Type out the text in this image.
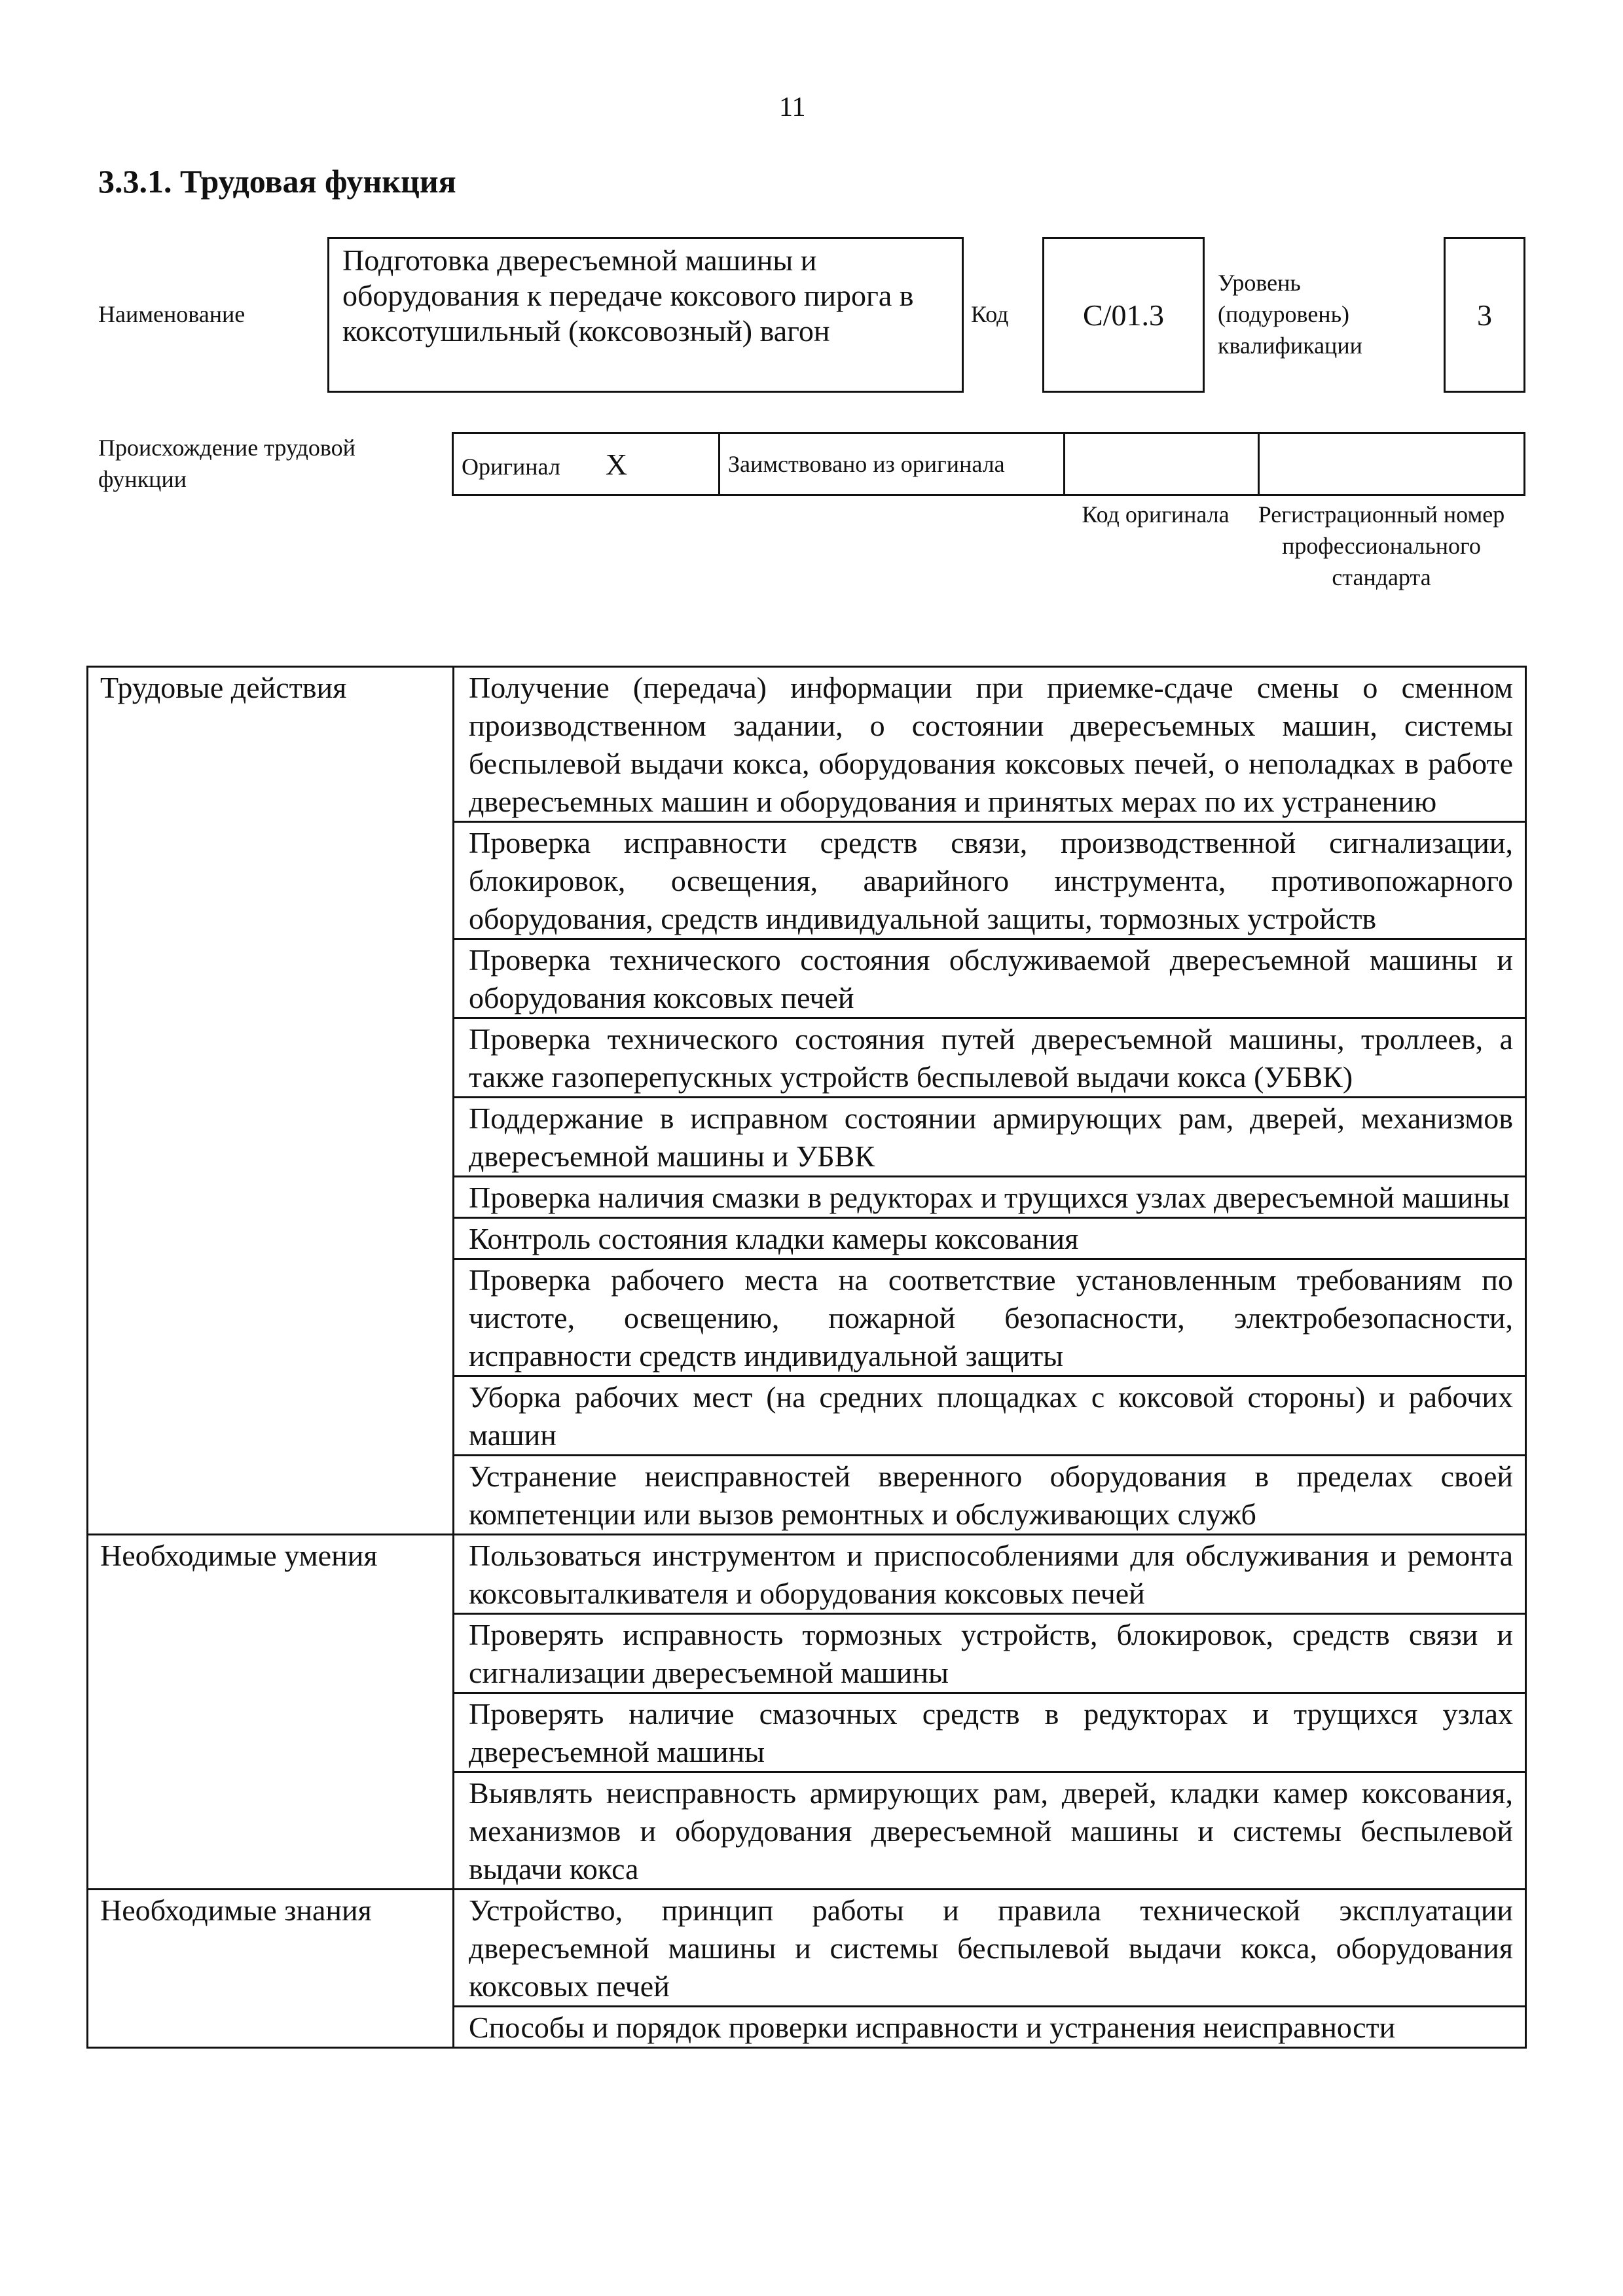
11
3.3.1. Трудовая функция
Наименование
Подготовка двересъемной машины и оборудования к передаче коксового пирога в коксотушильный (коксовозный) вагон	Код	C/01.3
Уровень (подуровень) квалификации
3
Происхождение трудовой функции	Оригинал X	Заимствовано из оригинала		
Код оригинала	Регистрационный номер профессионального стандарта
Трудовые действия	Получение (передача) информации при приемке-сдаче смены о сменном производственном задании, о состоянии двересъемных машин, системы беспылевой выдачи кокса, оборудования коксовых печей, о неполадках в работе двересъемных машин и оборудования и принятых мерах по их устранению
	Проверка исправности средств связи, производственной сигнализации, блокировок, освещения, аварийного инструмента, противопожарного оборудования, средств индивидуальной защиты, тормозных устройств
	Проверка технического состояния обслуживаемой двересъемной машины и оборудования коксовых печей
	Проверка технического состояния путей двересъемной машины, троллеев, а также газоперепускных устройств беспылевой выдачи кокса (УБВК)
	Поддержание в исправном состоянии армирующих рам, дверей, механизмов двересъемной машины и УБВК
	Проверка наличия смазки в редукторах и трущихся узлах двересъемной машины
	Контроль состояния кладки камеры коксования
	Проверка рабочего места на соответствие установленным требованиям по чистоте, освещению, пожарной безопасности, электробезопасности, исправности средств индивидуальной защиты
	Уборка рабочих мест (на средних площадках с коксовой стороны) и рабочих машин
	Устранение неисправностей вверенного оборудования в пределах своей компетенции или вызов ремонтных и обслуживающих служб
Необходимые умения	Пользоваться инструментом и приспособлениями для обслуживания и ремонта коксовыталкивателя и оборудования коксовых печей
	Проверять исправность тормозных устройств, блокировок, средств связи и сигнализации двересъемной машины
	Проверять наличие смазочных средств в редукторах и трущихся узлах двересъемной машины
	Выявлять неисправность армирующих рам, дверей, кладки камер коксования, механизмов и оборудования двересъемной машины и системы беспылевой выдачи кокса
Необходимые знания	Устройство, принцип работы и правила технической эксплуатации двересъемной машины и системы беспылевой выдачи кокса, оборудования коксовых печей
	Способы и порядок проверки исправности и устранения неисправности
